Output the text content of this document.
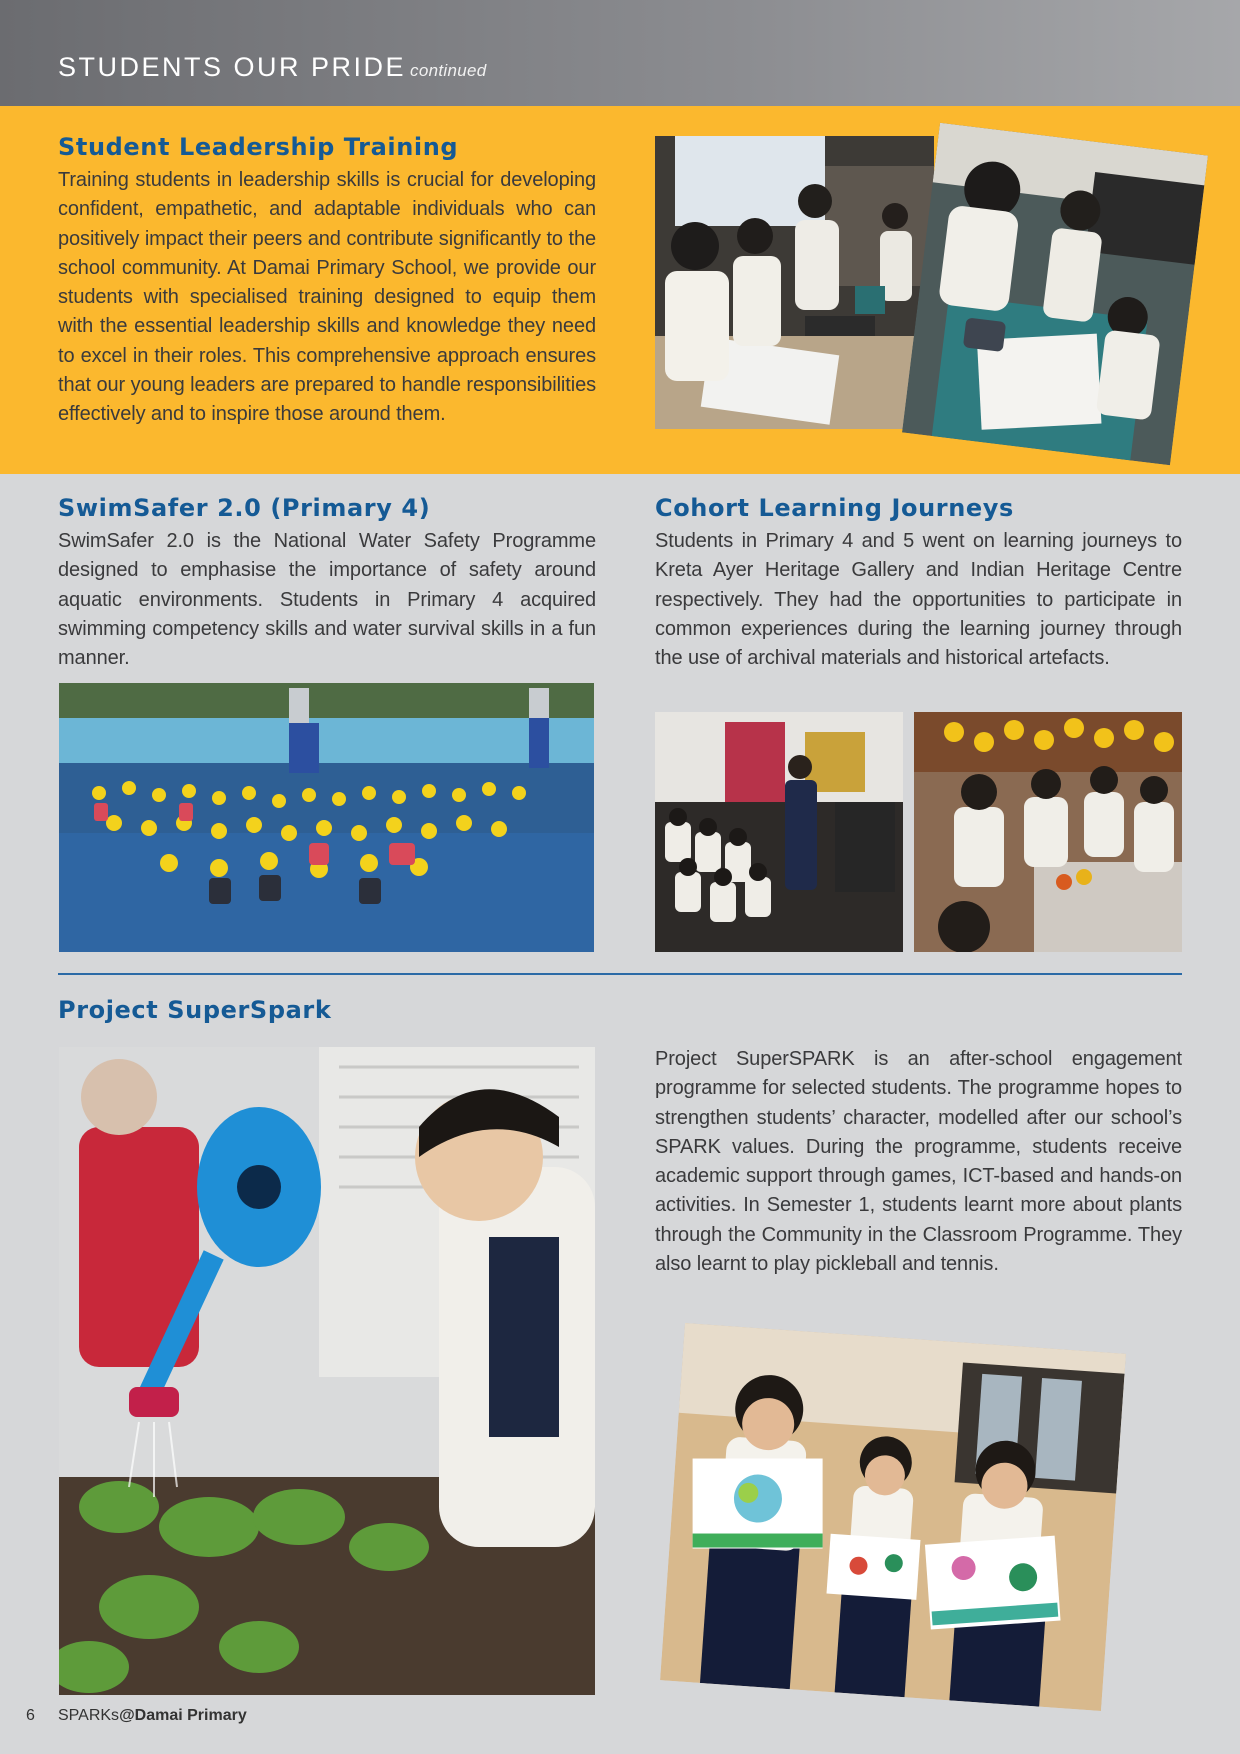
STUDENTS OUR PRIDE continued
Student Leadership Training

Training students in leadership skills is crucial for developing confident, empathetic, and adaptable individuals who can positively impact their peers and contribute significantly to the school community. At Damai Primary School, we provide our students with specialised training designed to equip them with the essential leadership skills and knowledge they need to excel in their roles. This comprehensive approach ensures that our young leaders are prepared to handle responsibilities effectively and to inspire those around them.

SwimSafer 2.0 (Primary 4)

SwimSafer 2.0 is the National Water Safety Programme designed to emphasise the importance of safety around aquatic environments. Students in Primary 4 acquired swimming competency skills and water survival skills in a fun manner.

Cohort Learning Journeys

Students in Primary 4 and 5 went on learning journeys to Kreta Ayer Heritage Gallery and Indian Heritage Centre respectively. They had the opportunities to participate in common experiences during the learning journey through the use of archival materials and historical artefacts.

Project SuperSpark

Project SuperSPARK is an after-school engagement programme for selected students. The programme hopes to strengthen students’ character, modelled after our school’s SPARK values. During the programme, students receive academic support through games, ICT-based and hands-on activities. In Semester 1, students learnt more about plants through the Community in the Classroom Programme. They also learnt to play pickleball and tennis.

6 SPARKs@Damai Primary
